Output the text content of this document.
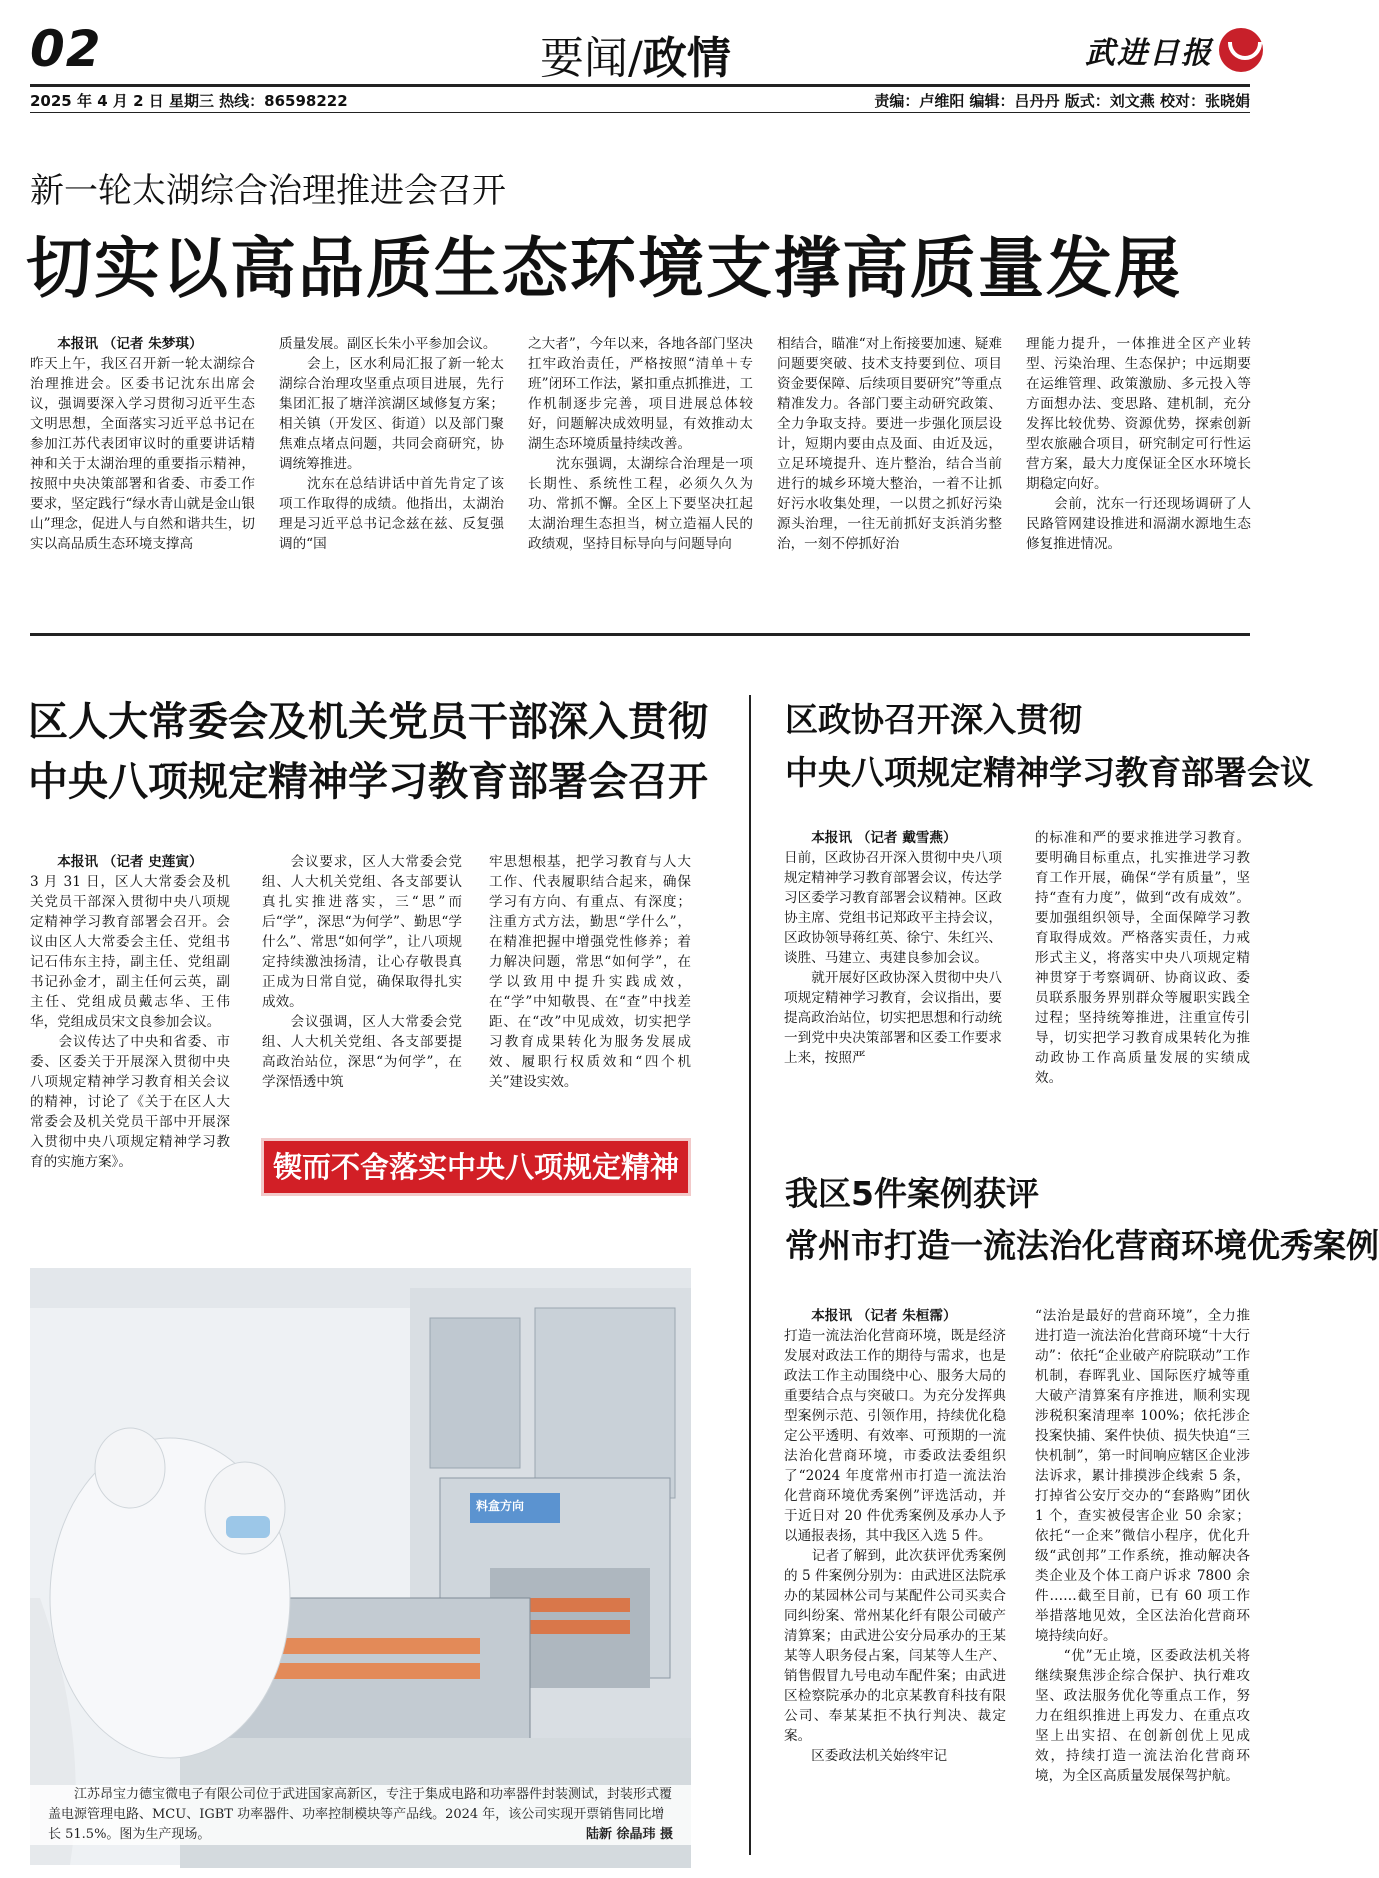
02	要闻/政情	武进日报
2025 年 4 月 2 日 星期三 热线：86598222	责编：卢维阳 编辑：吕丹丹 版式：刘文燕 校对：张晓娟
新一轮太湖综合治理推进会召开
切实以高品质生态环境支撑高质量发展
本报讯 （记者 朱梦琪）

昨天上午，我区召开新一轮太湖综合治理推进会。区委书记沈东出席会议，强调要深入学习贯彻习近平生态文明思想，全面落实习近平总书记在参加江苏代表团审议时的重要讲话精神和关于太湖治理的重要指示精神，按照中央决策部署和省委、市委工作要求，坚定践行“绿水青山就是金山银山”理念，促进人与自然和谐共生，切实以高品质生态环境支撑高

质量发展。副区长朱小平参加会议。
　　会上，区水利局汇报了新一轮太湖综合治理攻坚重点项目进展，先行集团汇报了塘洋滨湖区域修复方案；相关镇（开发区、街道）以及部门聚焦难点堵点问题，共同会商研究，协调统筹推进。
　　沈东在总结讲话中首先肯定了该项工作取得的成绩。他指出，太湖治理是习近平总书记念兹在兹、反复强调的“国
之大者”，今年以来，各地各部门坚决扛牢政治责任，严格按照“清单＋专班”闭环工作法，紧扣重点抓推进，工作机制逐步完善，项目进展总体较好，问题解决成效明显，有效推动太湖生态环境质量持续改善。
　　沈东强调，太湖综合治理是一项长期性、系统性工程，必须久久为功、常抓不懈。全区上下要坚决扛起太湖治理生态担当，树立造福人民的政绩观，坚持目标导向与问题导向
相结合，瞄准“对上衔接要加速、疑难问题要突破、技术支持要到位、项目资金要保障、后续项目要研究”等重点精准发力。各部门要主动研究政策、全力争取支持。要进一步强化顶层设计，短期内要由点及面、由近及远，立足环境提升、连片整治，结合当前进行的城乡环境大整治，一着不让抓好污水收集处理，一以贯之抓好污染源头治理，一往无前抓好支浜消劣整治，一刻不停抓好治
理能力提升，一体推进全区产业转型、污染治理、生态保护；中远期要在运维管理、政策激励、多元投入等方面想办法、变思路、建机制，充分发挥比较优势、资源优势，探索创新型农旅融合项目，研究制定可行性运营方案，最大力度保证全区水环境长期稳定向好。
　　会前，沈东一行还现场调研了人民路管网建设推进和滆湖水源地生态修复推进情况。
区人大常委会及机关党员干部深入贯彻
中央八项规定精神学习教育部署会召开
本报讯 （记者 史莲寅）

3 月 31 日，区人大常委会及机关党员干部深入贯彻中央八项规定精神学习教育部署会召开。会议由区人大常委会主任、党组书记石伟东主持，副主任、党组副书记孙金才，副主任何云英，副主任、党组成员戴志华、王伟华，党组成员宋文良参加会议。
　　会议传达了中央和省委、市委、区委关于开展深入贯彻中央八项规定精神学习教育相关会议的精神，讨论了《关于在区人大常委会及机关党员干部中开展深入贯彻中央八项规定精神学习教育的实施方案》。

　　会议要求，区人大常委会党组、人大机关党组、各支部要认真扎实推进落实，三“思”而后“学”，深思“为何学”、勤思“学什么”、常思“如何学”，让八项规定持续激浊扬清，让心存敬畏真正成为日常自觉，确保取得扎实成效。
　　会议强调，区人大常委会党组、人大机关党组、各支部要提高政治站位，深思“为何学”，在学深悟透中筑
牢思想根基，把学习教育与人大工作、代表履职结合起来，确保学习有方向、有重点、有深度；注重方式方法，勤思“学什么”，在精准把握中增强党性修养；着力解决问题，常思“如何学”，在学以致用中提升实践成效，在“学”中知敬畏、在“查”中找差距、在“改”中见成效，切实把学习教育成果转化为服务发展成效、履职行权质效和“四个机关”建设实效。
锲而不舍落实中央八项规定精神
料盒方向
　　江苏昂宝力德宝微电子有限公司位于武进国家高新区，专注于集成电路和功率器件封装测试，封装形式覆盖电源管理电路、MCU、IGBT 功率器件、功率控制模块等产品线。2024 年，该公司实现开票销售同比增长 51.5%。图为生产现场。	陆新 徐晶玮 摄
区政协召开深入贯彻
中央八项规定精神学习教育部署会议
本报讯 （记者 戴雪燕）

日前，区政协召开深入贯彻中央八项规定精神学习教育部署会议，传达学习区委学习教育部署会议精神。区政协主席、党组书记郑政平主持会议，区政协领导蒋红英、徐宁、朱红兴、谈胜、马建立、夷建良参加会议。
　　就开展好区政协深入贯彻中央八项规定精神学习教育，会议指出，要提高政治站位，切实把思想和行动统一到党中央决策部署和区委工作要求上来，按照严

的标准和严的要求推进学习教育。要明确目标重点，扎实推进学习教育工作开展，确保“学有质量”，坚持“查有力度”，做到“改有成效”。要加强组织领导，全面保障学习教育取得成效。严格落实责任，力戒形式主义，将落实中央八项规定精神贯穿于考察调研、协商议政、委员联系服务界别群众等履职实践全过程；坚持统筹推进，注重宣传引导，切实把学习教育成果转化为推动政协工作高质量发展的实绩成效。
我区5件案例获评
常州市打造一流法治化营商环境优秀案例
本报讯 （记者 朱桓霈）

打造一流法治化营商环境，既是经济发展对政法工作的期待与需求，也是政法工作主动围绕中心、服务大局的重要结合点与突破口。为充分发挥典型案例示范、引领作用，持续优化稳定公平透明、有效率、可预期的一流法治化营商环境，市委政法委组织了“2024 年度常州市打造一流法治化营商环境优秀案例”评选活动，并于近日对 20 件优秀案例及承办人予以通报表扬，其中我区入选 5 件。
　　记者了解到，此次获评优秀案例的 5 件案例分别为：由武进区法院承办的某园林公司与某配件公司买卖合同纠纷案、常州某化纤有限公司破产清算案；由武进公安分局承办的王某某等人职务侵占案，闫某等人生产、销售假冒九号电动车配件案；由武进区检察院承办的北京某教育科技有限公司、奉某某拒不执行判决、裁定案。
　　区委政法机关始终牢记

“法治是最好的营商环境”，全力推进打造一流法治化营商环境“十大行动”：依托“企业破产府院联动”工作机制，春晖乳业、国际医疗城等重大破产清算案有序推进，顺利实现涉税积案清理率 100%；依托涉企投案快捕、案件快侦、损失快追“三快机制”，第一时间响应辖区企业涉法诉求，累计排摸涉企线索 5 条，打掉省公安厅交办的“套路购”团伙 1 个，查实被侵害企业 50 余家；依托“一企来”微信小程序，优化升级“武创邦”工作系统，推动解决各类企业及个体工商户诉求 7800 余件……截至目前，已有 60 项工作举措落地见效，全区法治化营商环境持续向好。
　　“优”无止境，区委政法机关将继续聚焦涉企综合保护、执行难攻坚、政法服务优化等重点工作，努力在组织推进上再发力、在重点攻坚上出实招、在创新创优上见成效，持续打造一流法治化营商环境，为全区高质量发展保驾护航。
